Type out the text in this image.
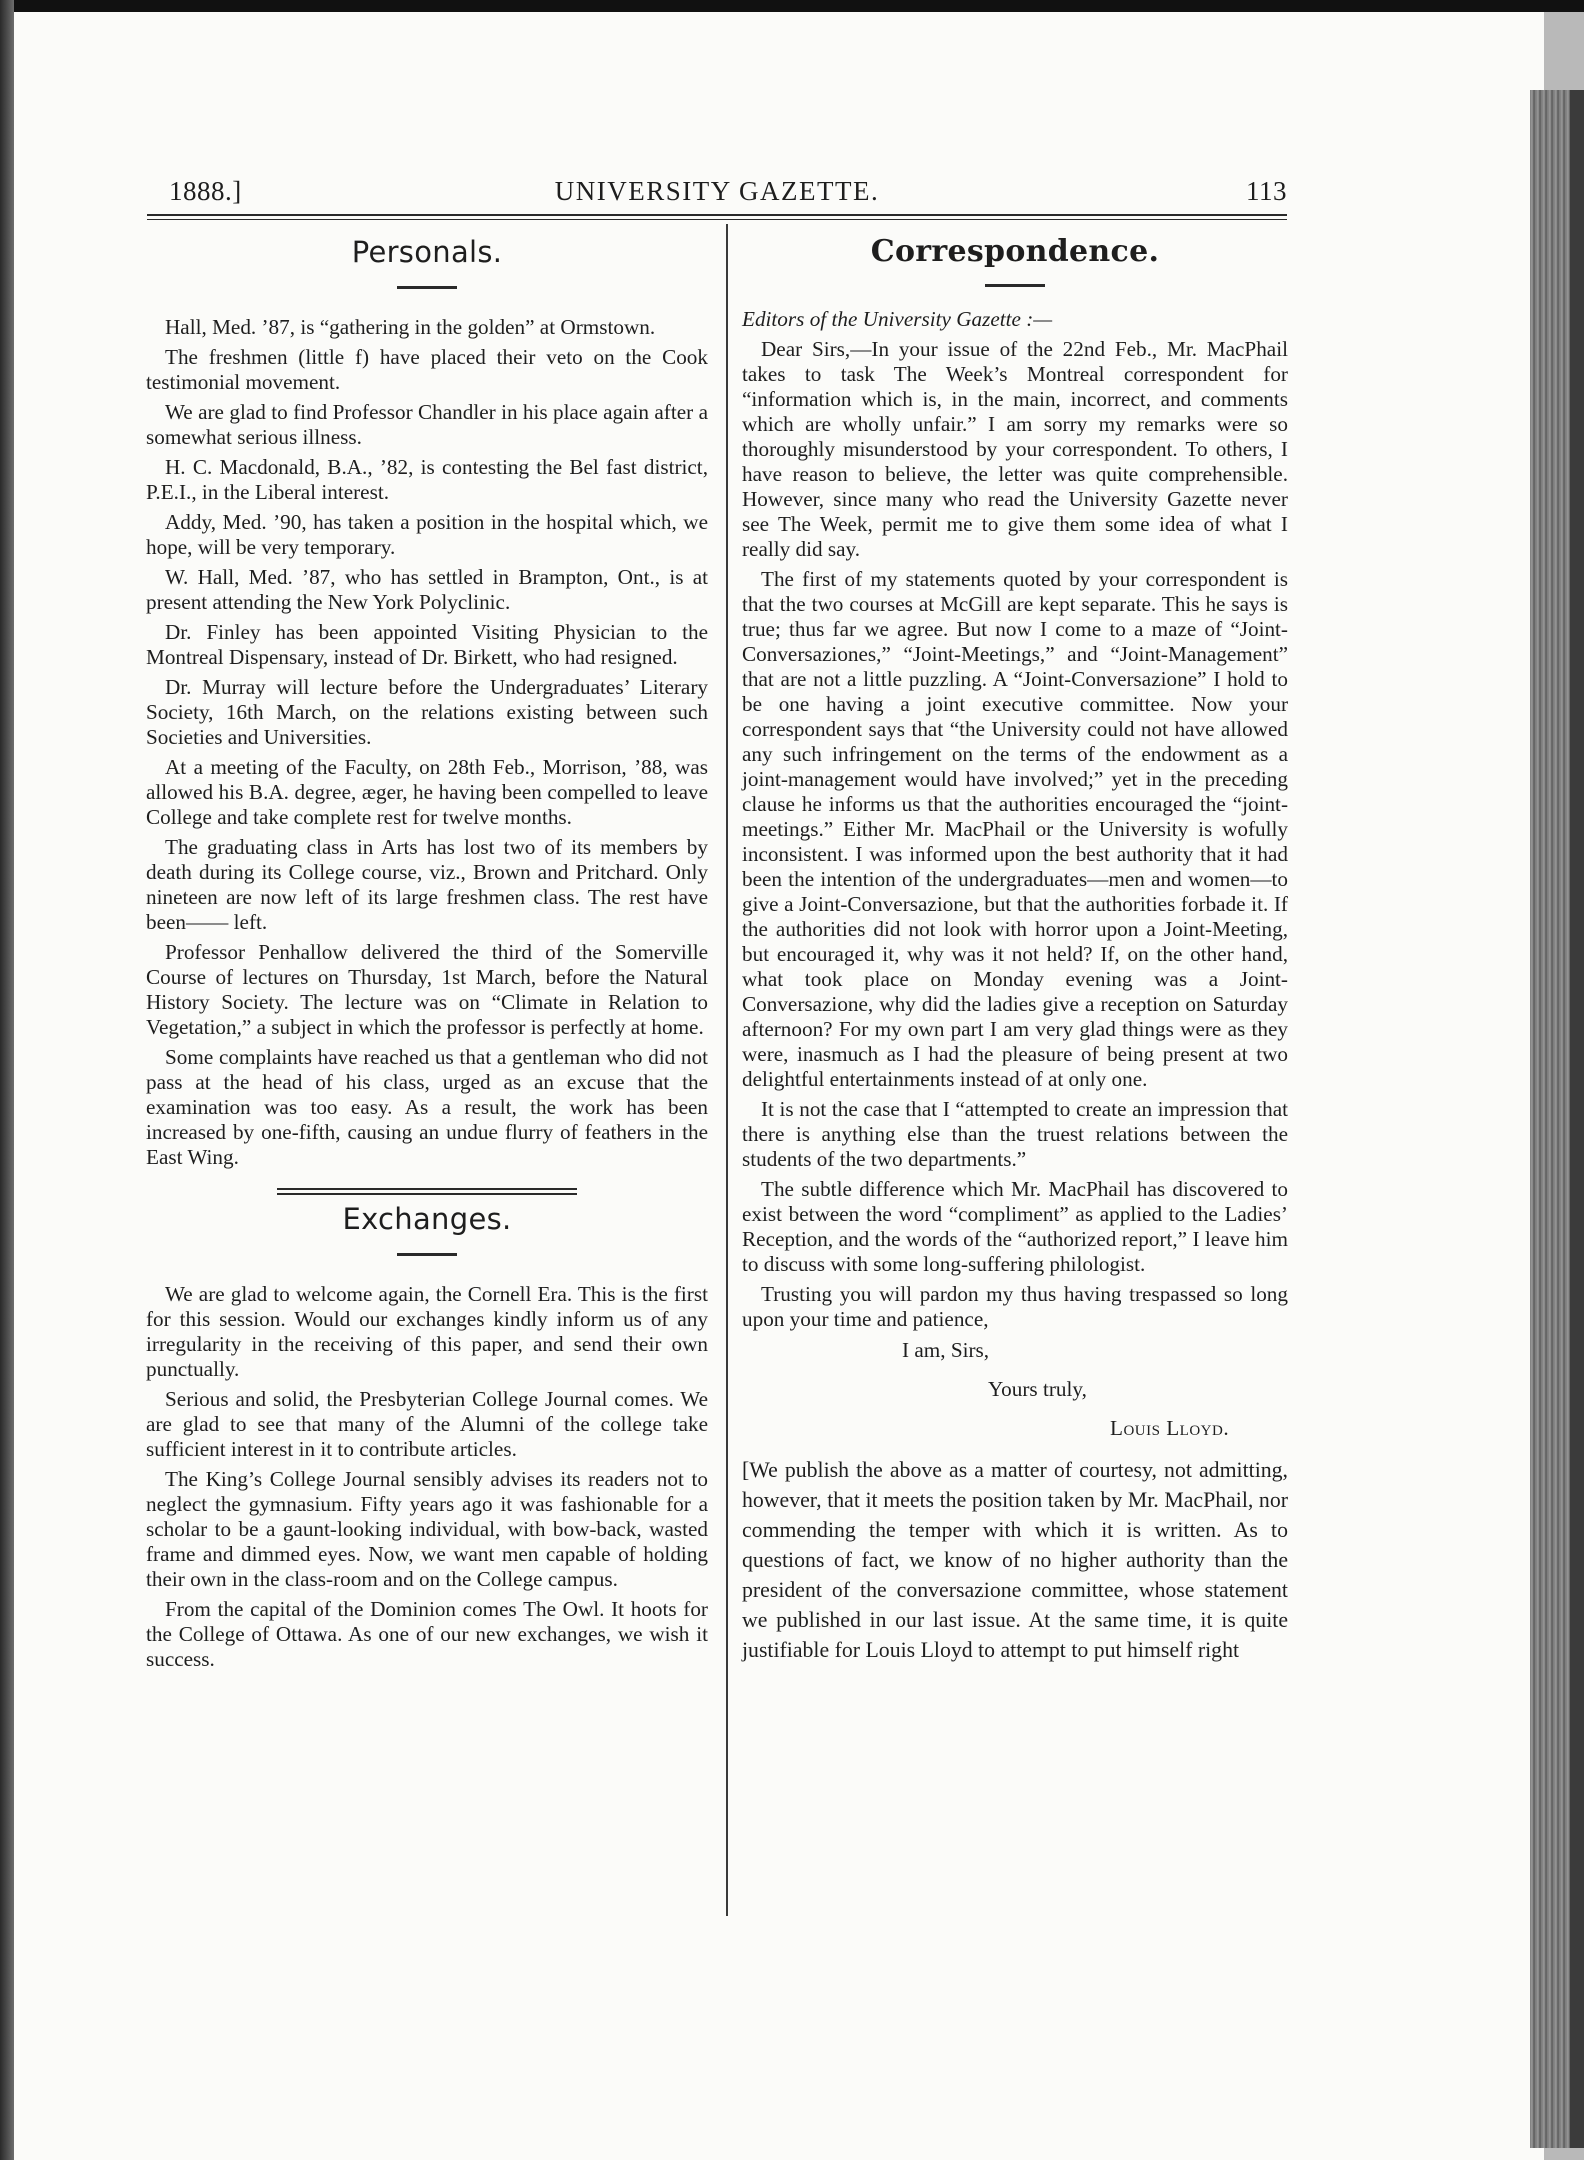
1888.]	UNIVERSITY GAZETTE.	113
Personals.

Hall, Med. ’87, is “gathering in the golden” at Ormstown.

The freshmen (little f) have placed their veto on the Cook testimonial movement.

We are glad to find Professor Chandler in his place again after a somewhat serious illness.

H. C. Macdonald, B.A., ’82, is contesting the Bel fast district, P.E.I., in the Liberal interest.

Addy, Med. ’90, has taken a position in the hospital which, we hope, will be very temporary.

W. Hall, Med. ’87, who has settled in Brampton, Ont., is at present attending the New York Polyclinic.

Dr. Finley has been appointed Visiting Physician to the Montreal Dispensary, instead of Dr. Birkett, who had resigned.

Dr. Murray will lecture before the Undergraduates’ Literary Society, 16th March, on the relations existing between such Societies and Universities.

At a meeting of the Faculty, on 28th Feb., Morrison, ’88, was allowed his B.A. degree, æger, he having been compelled to leave College and take complete rest for twelve months.

The graduating class in Arts has lost two of its members by death during its College course, viz., Brown and Pritchard. Only nineteen are now left of its large freshmen class. The rest have been—— left.

Professor Penhallow delivered the third of the Somerville Course of lectures on Thursday, 1st March, before the Natural History Society. The lecture was on “Climate in Relation to Vegetation,” a subject in which the professor is perfectly at home.

Some complaints have reached us that a gentleman who did not pass at the head of his class, urged as an excuse that the examination was too easy. As a result, the work has been increased by one-fifth, causing an undue flurry of feathers in the East Wing.

Exchanges.

We are glad to welcome again, the Cornell Era. This is the first for this session. Would our exchanges kindly inform us of any irregularity in the receiving of this paper, and send their own punctually.

Serious and solid, the Presbyterian College Journal comes. We are glad to see that many of the Alumni of the college take sufficient interest in it to contribute articles.

The King’s College Journal sensibly advises its readers not to neglect the gymnasium. Fifty years ago it was fashionable for a scholar to be a gaunt-looking individual, with bow-back, wasted frame and dimmed eyes. Now, we want men capable of holding their own in the class-room and on the College campus.

From the capital of the Dominion comes The Owl. It hoots for the College of Ottawa. As one of our new exchanges, we wish it success.

Correspondence.

Editors of the University Gazette :—

Dear Sirs,—In your issue of the 22nd Feb., Mr. MacPhail takes to task The Week’s Montreal correspondent for “information which is, in the main, incorrect, and comments which are wholly unfair.” I am sorry my remarks were so thoroughly misunderstood by your correspondent. To others, I have reason to believe, the letter was quite comprehensible. However, since many who read the University Gazette never see The Week, permit me to give them some idea of what I really did say.

The first of my statements quoted by your correspondent is that the two courses at McGill are kept separate. This he says is true; thus far we agree. But now I come to a maze of “Joint-Conversaziones,” “Joint-Meetings,” and “Joint-Management” that are not a little puzzling. A “Joint-Conversazione” I hold to be one having a joint executive committee. Now your correspondent says that “the University could not have allowed any such infringement on the terms of the endowment as a joint-management would have involved;” yet in the preceding clause he informs us that the authorities encouraged the “joint-meetings.” Either Mr. MacPhail or the University is wofully inconsistent. I was informed upon the best authority that it had been the intention of the undergraduates—men and women—to give a Joint-Conversazione, but that the authorities forbade it. If the authorities did not look with horror upon a Joint-Meeting, but encouraged it, why was it not held? If, on the other hand, what took place on Monday evening was a Joint-Conversazione, why did the ladies give a reception on Saturday afternoon? For my own part I am very glad things were as they were, inasmuch as I had the pleasure of being present at two delightful entertainments instead of at only one.

It is not the case that I “attempted to create an impression that there is anything else than the truest relations between the students of the two departments.”

The subtle difference which Mr. MacPhail has discovered to exist between the word “compliment” as applied to the Ladies’ Reception, and the words of the “authorized report,” I leave him to discuss with some long-suffering philologist.

Trusting you will pardon my thus having trespassed so long upon your time and patience,

I am, Sirs,
Yours truly,
Louis Lloyd.

[We publish the above as a matter of courtesy, not admitting, however, that it meets the position taken by Mr. MacPhail, nor commending the temper with which it is written. As to questions of fact, we know of no higher authority than the president of the conversazione committee, whose statement we published in our last issue. At the same time, it is quite justifiable for Louis Lloyd to attempt to put himself right
